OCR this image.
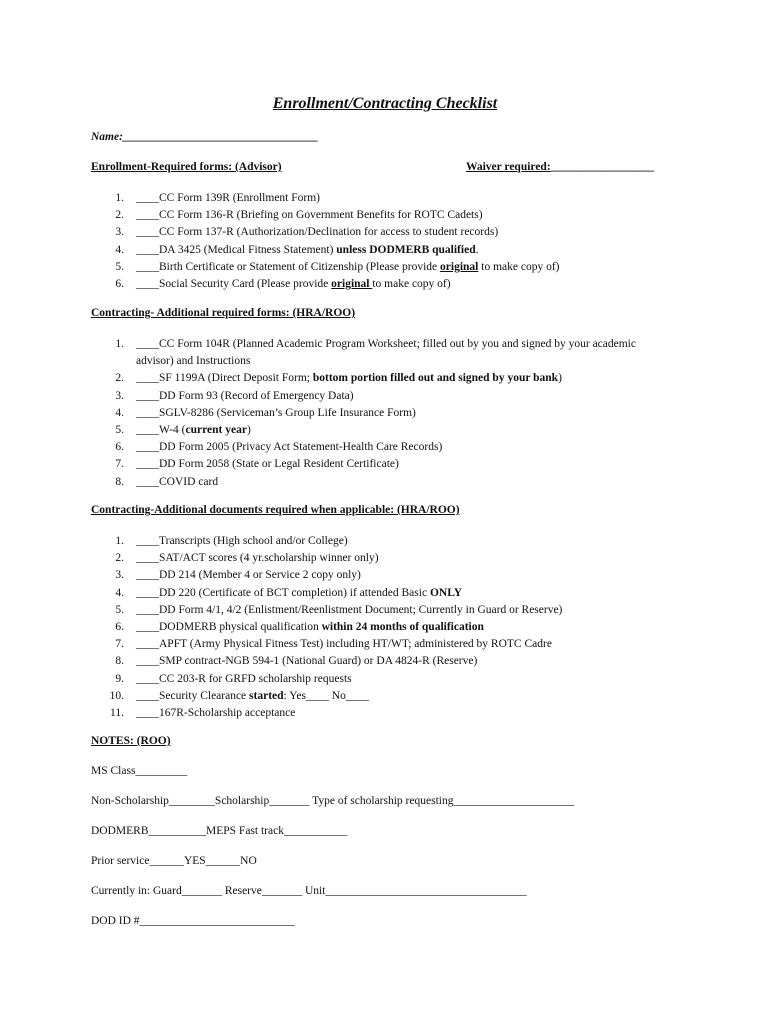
Enrollment/Contracting Checklist
Name:__________________________________
Enrollment-Required forms: (Advisor)	Waiver required:__________________
1. ____CC Form 139R (Enrollment Form)
2. ____CC Form 136-R (Briefing on Government Benefits for ROTC Cadets)
3. ____CC Form 137-R (Authorization/Declination for access to student records)
4. ____DA 3425 (Medical Fitness Statement) unless DODMERB qualified.
5. ____Birth Certificate or Statement of Citizenship (Please provide original to make copy of)
6. ____Social Security Card (Please provide original to make copy of)
Contracting- Additional required forms: (HRA/ROO)
1. ____CC Form 104R (Planned Academic Program Worksheet; filled out by you and signed by your academic advisor) and Instructions
2. ____SF 1199A (Direct Deposit Form; bottom portion filled out and signed by your bank)
3. ____DD Form 93 (Record of Emergency Data)
4. ____SGLV-8286 (Serviceman’s Group Life Insurance Form)
5. ____W-4 (current year)
6. ____DD Form 2005 (Privacy Act Statement-Health Care Records)
7. ____DD Form 2058 (State or Legal Resident Certificate)
8. ____COVID card
Contracting-Additional documents required when applicable: (HRA/ROO)
1. ____Transcripts (High school and/or College)
2. ____SAT/ACT scores (4 yr.scholarship winner only)
3. ____DD 214 (Member 4 or Service 2 copy only)
4. ____DD 220 (Certificate of BCT completion) if attended Basic ONLY
5. ____DD Form 4/1, 4/2 (Enlistment/Reenlistment Document; Currently in Guard or Reserve)
6. ____DODMERB physical qualification within 24 months of qualification
7. ____APFT (Army Physical Fitness Test) including HT/WT; administered by ROTC Cadre
8. ____SMP contract-NGB 594-1 (National Guard) or DA 4824-R (Reserve)
9. ____CC 203-R for GRFD scholarship requests
10. ____Security Clearance started: Yes____ No____
11. ____167R-Scholarship acceptance
NOTES: (ROO)
MS Class_________
Non-Scholarship________Scholarship_______ Type of scholarship requesting_____________________
DODMERB__________MEPS Fast track___________
Prior service______YES______NO
Currently in: Guard_______ Reserve_______ Unit___________________________________
DOD ID #___________________________
